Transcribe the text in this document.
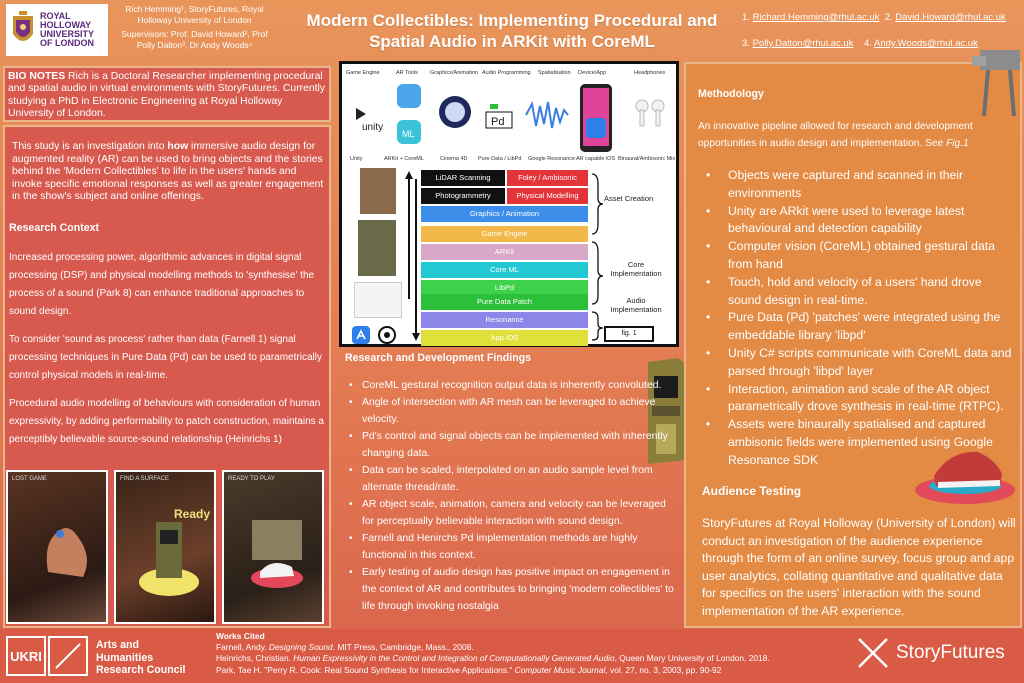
ROYAL
HOLLOWAY
UNIVERSITY
OF LONDON
Rich Hemming¹, StoryFutures, Royal Holloway University of London
Supervisors: Prof. David Howard², Prof Polly Dalton³, Dr Andy Woods⁴
Modern Collectibles: Implementing Procedural and Spatial Audio in ARKit with CoreML
1. Richard.Hemming@rhul.ac.uk 2. David.Howard@rhul.ac.uk
3. Polly.Dalton@rhul.ac.uk 4. Andy.Woods@rhul.ac.uk
BIO NOTES Rich is a Doctoral Researcher implementing procedural and spatial audio in virtual environments with StoryFutures. Currently studying a PhD in Electronic Engineering at Royal Holloway University of London.
This study is an investigation into how immersive audio design for augmented reality (AR) can be used to bring objects and the stories behind the 'Modern Collectibles' to life in the users' hands and invoke specific emotional responses as well as greater engagement in the show's subject and online offerings.
Research Context
Increased processing power, algorithmic advances in digital signal processing (DSP) and physical modelling methods to 'synthesise' the process of a sound (Park 8) can enhance traditional approaches to sound design.
To consider 'sound as process' rather than data (Farnell 1) signal processing techniques in Pure Data (Pd) can be used to parametrically control physical models in real-time.
Procedural audio modelling of behaviours with consideration of human expressivity, by adding performability to patch construction, maintains a perceptibly believable source-sound relationship (Heinrichs 1)
LOST GAME	FIND A SURFACE
Ready
READY TO PLAY
Game Engine	AR Tools Graphics/Animation Audio Programming Spatialisation Device/App	Headphones
unity
ML
Pd
Unity	ARKit + CoreML	Cinema 4D Pure Data / LibPd Google Resonance AR capable iOS Binaural/Ambisonic Mix
LiDAR Scanning	Foley / Ambisonic
Photogrammetry	Physical Modelling
Graphics / Animation
Game Engine
ARKit
Core ML
LibPd
Pure Data Patch
Resonance
App iOS
Asset Creation
Core Implementation
Audio Implementation
fig. 1
Research and Development Findings
• CoreML gestural recognition output data is inherently convoluted.
• Angle of intersection with AR mesh can be leveraged to achieve velocity.
• Pd's control and signal objects can be implemented with inherently changing data.
• Data can be scaled, interpolated on an audio sample level from alternate thread/rate.
• AR object scale, animation, camera and velocity can be leveraged for perceptually believable interaction with sound design.
• Farnell and Henirchs Pd implementation methods are highly functional in this context.
• Early testing of audio design has positive impact on engagement in the context of AR and contributes to bringing 'modern collectibles' to life through invoking nostalgia
Methodology
An innovative pipeline allowed for research and development opportunities in audio design and implementation. See Fig.1
• Objects were captured and scanned in their environments
• Unity are ARkit were used to leverage latest behavioural and detection capability
• Computer vision (CoreML) obtained gestural data from hand
• Touch, hold and velocity of a users' hand drove sound design in real-time.
• Pure Data (Pd) 'patches' were integrated using the embeddable library 'libpd'
• Unity C# scripts communicate with CoreML data and parsed through 'libpd' layer
• Interaction, animation and scale of the AR object parametrically drove synthesis in real-time (RTPC).
• Assets were binaurally spatialised and captured ambisonic fields were implemented using Google Resonance SDK
Audience Testing
StoryFutures at Royal Holloway (University of London) will conduct an investigation of the audience experience through the form of an online survey, focus group and app user analytics, collating quantitative and qualitative data for specifics on the users' interaction with the sound implementation of the AR experience.
UKRI
Arts and
Humanities
Research Council
Works Cited
Farnell, Andy. Designing Sound. MIT Press, Cambridge, Mass., 2008.
Heinrichs, Christian. Human Expressivity in the Control and Integration of Computationally Generated Audio, Queen Mary University of London, 2018.
Park, Tae H. "Perry R. Cook: Real Sound Synthesis for Interactive Applications." Computer Music Journal, vol. 27, no. 3, 2003, pp. 90-92
StoryFutures
